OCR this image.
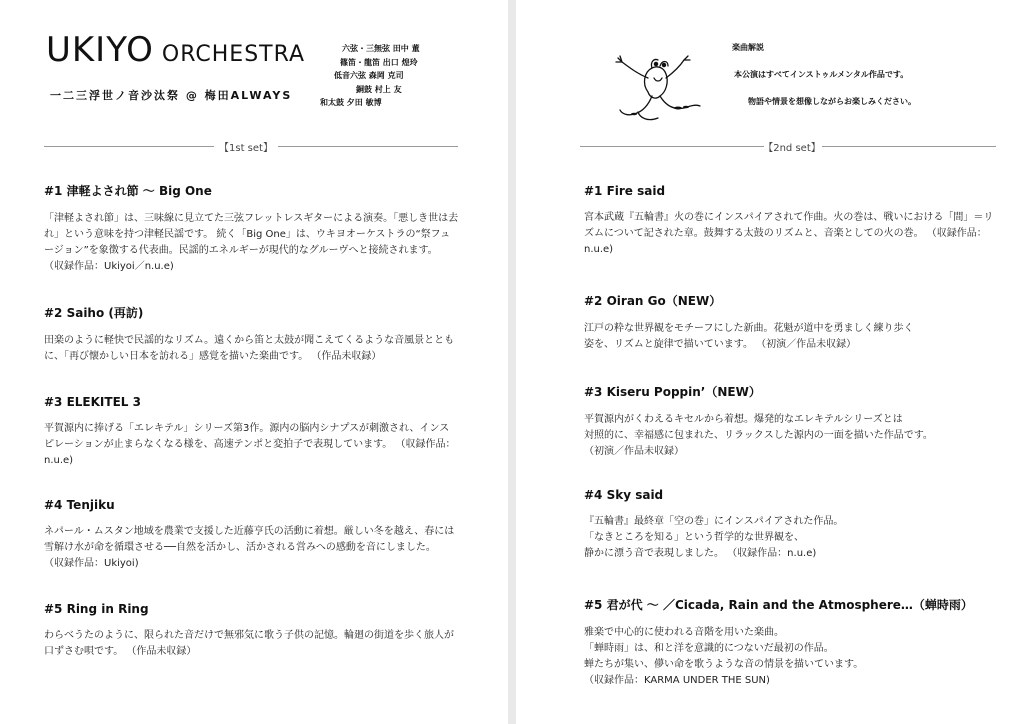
UKIYO ORCHESTRA
一二三浮世ノ音沙汰祭 @ 梅田ALWAYS
六弦・三無弦 田中 董
篠笛・龍笛 出口 煌玲
低音六弦 森岡 克司
銅鼓 村上 友
和太鼓 夕田 敏博
【1st set】
#1 津軽よされ節 〜 Big One

「津軽よされ節」は、三味線に見立てた三弦フレットレスギターによる演奏。「悪しき世は去れ」という意味を持つ津軽民謡です。 続く「Big One」は、ウキヨオーケストラの“祭フュージョン”を象徴する代表曲。民謡的エネルギーが現代的なグルーヴへと接続されます。 （収録作品：Ukiyoi／n.u.e)

#2 Saiho (再訪)

田楽のように軽快で民謡的なリズム。遠くから笛と太鼓が聞こえてくるような音風景とともに、「再び懐かしい日本を訪れる」感覚を描いた楽曲です。 （作品未収録）

#3 ELEKITEL 3

平賀源内に捧げる「エレキテル」シリーズ第3作。源内の脳内シナプスが刺激され、インスピレーションが止まらなくなる様を、高速テンポと変拍子で表現しています。 （収録作品：n.u.e)

#4 Tenjiku

ネパール・ムスタン地域を農業で支援した近藤亨氏の活動に着想。厳しい冬を越え、春には雪解け水が命を循環させる──自然を活かし、活かされる営みへの感動を音にしました。 （収録作品：Ukiyoi)

#5 Ring in Ring

わらべうたのように、限られた音だけで無邪気に歌う子供の記憶。輪廻の街道を歩く旅人が口ずさむ唄です。 （作品未収録）

【2nd set】
#1 Fire said

宮本武蔵『五輪書』火の巻にインスパイアされて作曲。火の巻は、戦いにおける「間」＝リズムについて記された章。鼓舞する太鼓のリズムと、音楽としての火の巻。 （収録作品：n.u.e)

#2 Oiran Go（NEW）

江戸の粋な世界観をモチーフにした新曲。花魁が道中を勇ましく練り歩く
姿を、リズムと旋律で描いています。 （初演／作品未収録）

#3 Kiseru Poppin’（NEW）

平賀源内がくわえるキセルから着想。爆発的なエレキテルシリーズとは
対照的に、幸福感に包まれた、リラックスした源内の一面を描いた作品です。
（初演／作品未収録）

#4 Sky said

『五輪書』最終章「空の巻」にインスパイアされた作品。
「なきところを知る」という哲学的な世界観を、
静かに漂う音で表現しました。 （収録作品：n.u.e)

#5 君が代 〜 ／Cicada, Rain and the Atmosphere…（蝉時雨）

雅楽で中心的に使われる音階を用いた楽曲。
「蝉時雨」は、和と洋を意識的につないだ最初の作品。
蝉たちが集い、儚い命を歌うような音の情景を描いています。
（収録作品：KARMA UNDER THE SUN)

楽曲解説
本公演はすべてインストゥルメンタル作品です。
物語や情景を想像しながらお楽しみください。
